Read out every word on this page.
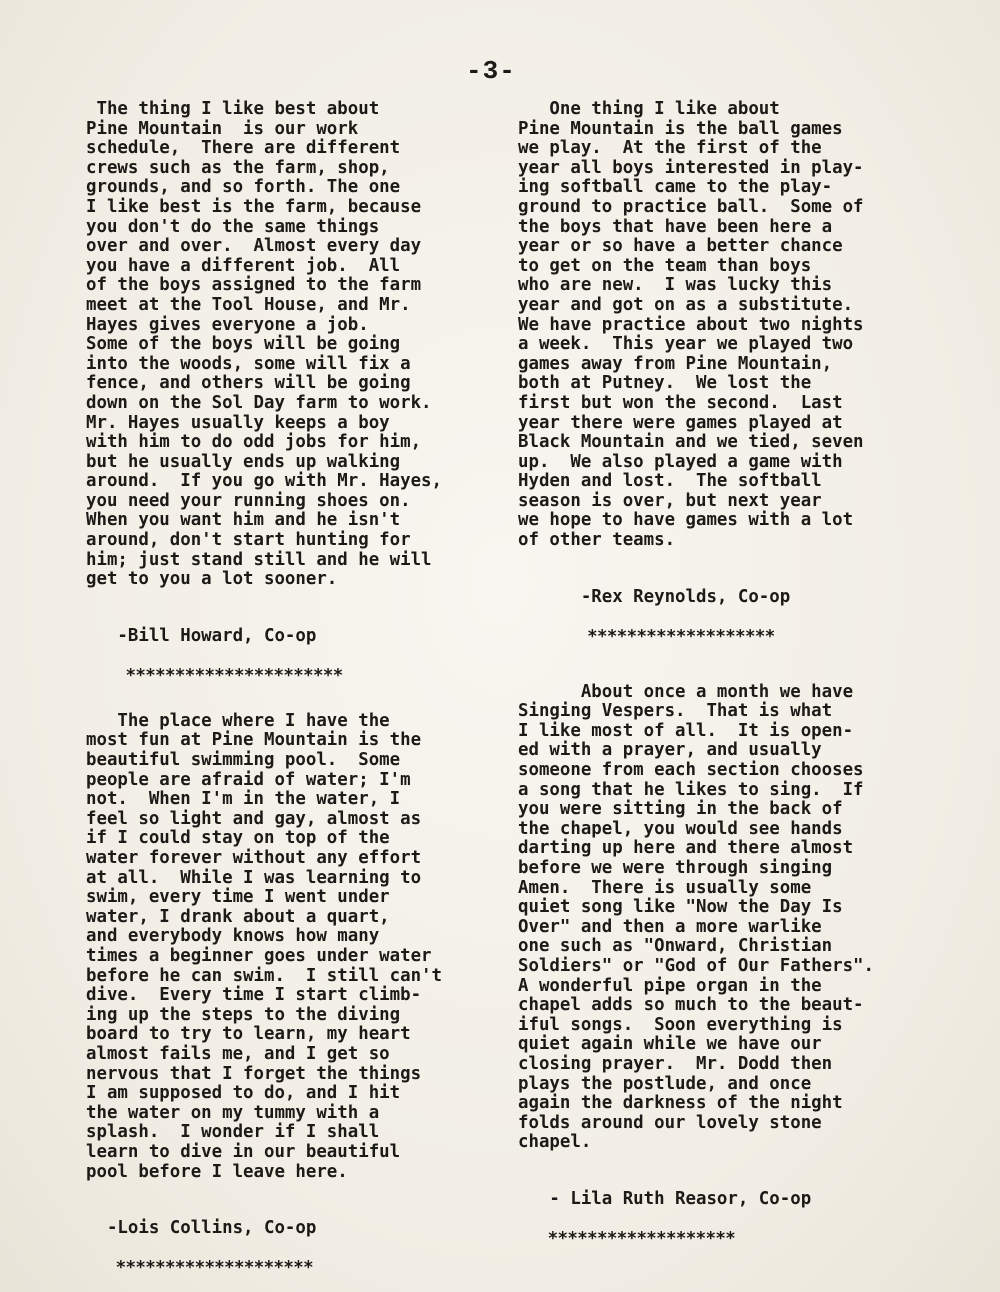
-3-
The thing I like best about
Pine Mountain  is our work
schedule,  There are different
crews such as the farm, shop,
grounds, and so forth. The one
I like best is the farm, because
you don't do the same things
over and over.  Almost every day
you have a different job.  All
of the boys assigned to the farm
meet at the Tool House, and Mr.
Hayes gives everyone a job.
Some of the boys will be going
into the woods, some will fix a
fence, and others will be going
down on the Sol Day farm to work.
Mr. Hayes usually keeps a boy
with him to do odd jobs for him,
but he usually ends up walking
around.  If you go with Mr. Hayes,
you need your running shoes on.
When you want him and he isn't
around, don't start hunting for
him; just stand still and he will
get to you a lot sooner.

-Bill Howard, Co-op
**********************
The place where I have the
most fun at Pine Mountain is the
beautiful swimming pool.  Some
people are afraid of water; I'm
not.  When I'm in the water, I
feel so light and gay, almost as
if I could stay on top of the
water forever without any effort
at all.  While I was learning to
swim, every time I went under
water, I drank about a quart,
and everybody knows how many
times a beginner goes under water
before he can swim.  I still can't
dive.  Every time I start climb-
ing up the steps to the diving
board to try to learn, my heart
almost fails me, and I get so
nervous that I forget the things
I am supposed to do, and I hit
the water on my tummy with a
splash.  I wonder if I shall
learn to dive in our beautiful
pool before I leave here.

-Lois Collins, Co-op
********************
One thing I like about
Pine Mountain is the ball games
we play.  At the first of the
year all boys interested in play-
ing softball came to the play-
ground to practice ball.  Some of
the boys that have been here a
year or so have a better chance
to get on the team than boys
who are new.  I was lucky this
year and got on as a substitute.
We have practice about two nights
a week.  This year we played two
games away from Pine Mountain,
both at Putney.  We lost the
first but won the second.  Last
year there were games played at
Black Mountain and we tied, seven
up.  We also played a game with
Hyden and lost.  The softball
season is over, but next year
we hope to have games with a lot
of other teams.

-Rex Reynolds, Co-op
*******************
About once a month we have
Singing Vespers.  That is what
I like most of all.  It is open-
ed with a prayer, and usually
someone from each section chooses
a song that he likes to sing.  If
you were sitting in the back of
the chapel, you would see hands
darting up here and there almost
before we were through singing
Amen.  There is usually some
quiet song like "Now the Day Is
Over" and then a more warlike
one such as "Onward, Christian
Soldiers" or "God of Our Fathers".
A wonderful pipe organ in the
chapel adds so much to the beaut-
iful songs.  Soon everything is
quiet again while we have our
closing prayer.  Mr. Dodd then
plays the postlude, and once
again the darkness of the night
folds around our lovely stone
chapel.

- Lila Ruth Reasor, Co-op
*******************
